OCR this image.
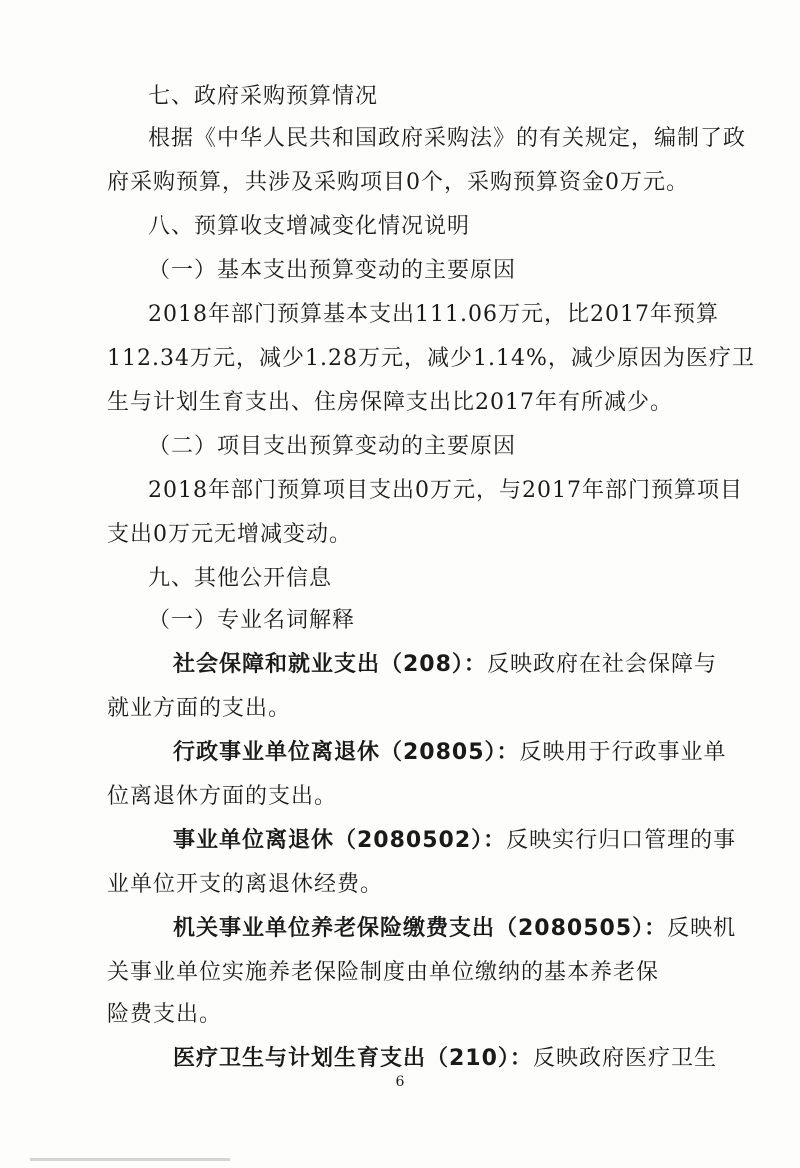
七、政府采购预算情况
根据《中华人民共和国政府采购法》的有关规定，编制了政
府采购预算，共涉及采购项目0个，采购预算资金0万元。
八、预算收支增减变化情况说明
（一）基本支出预算变动的主要原因
2018年部门预算基本支出111.06万元，比2017年预算
112.34万元，减少1.28万元，减少1.14%，减少原因为医疗卫
生与计划生育支出、住房保障支出比2017年有所减少。
（二）项目支出预算变动的主要原因
2018年部门预算项目支出0万元，与2017年部门预算项目
支出0万元无增减变动。
九、其他公开信息
（一）专业名词解释
社会保障和就业支出（208）：反映政府在社会保障与
就业方面的支出。
行政事业单位离退休（20805）：反映用于行政事业单
位离退休方面的支出。
事业单位离退休（2080502）：反映实行归口管理的事
业单位开支的离退休经费。
机关事业单位养老保险缴费支出（2080505）：反映机
关事业单位实施养老保险制度由单位缴纳的基本养老保
险费支出。
医疗卫生与计划生育支出（210）：反映政府医疗卫生
6
